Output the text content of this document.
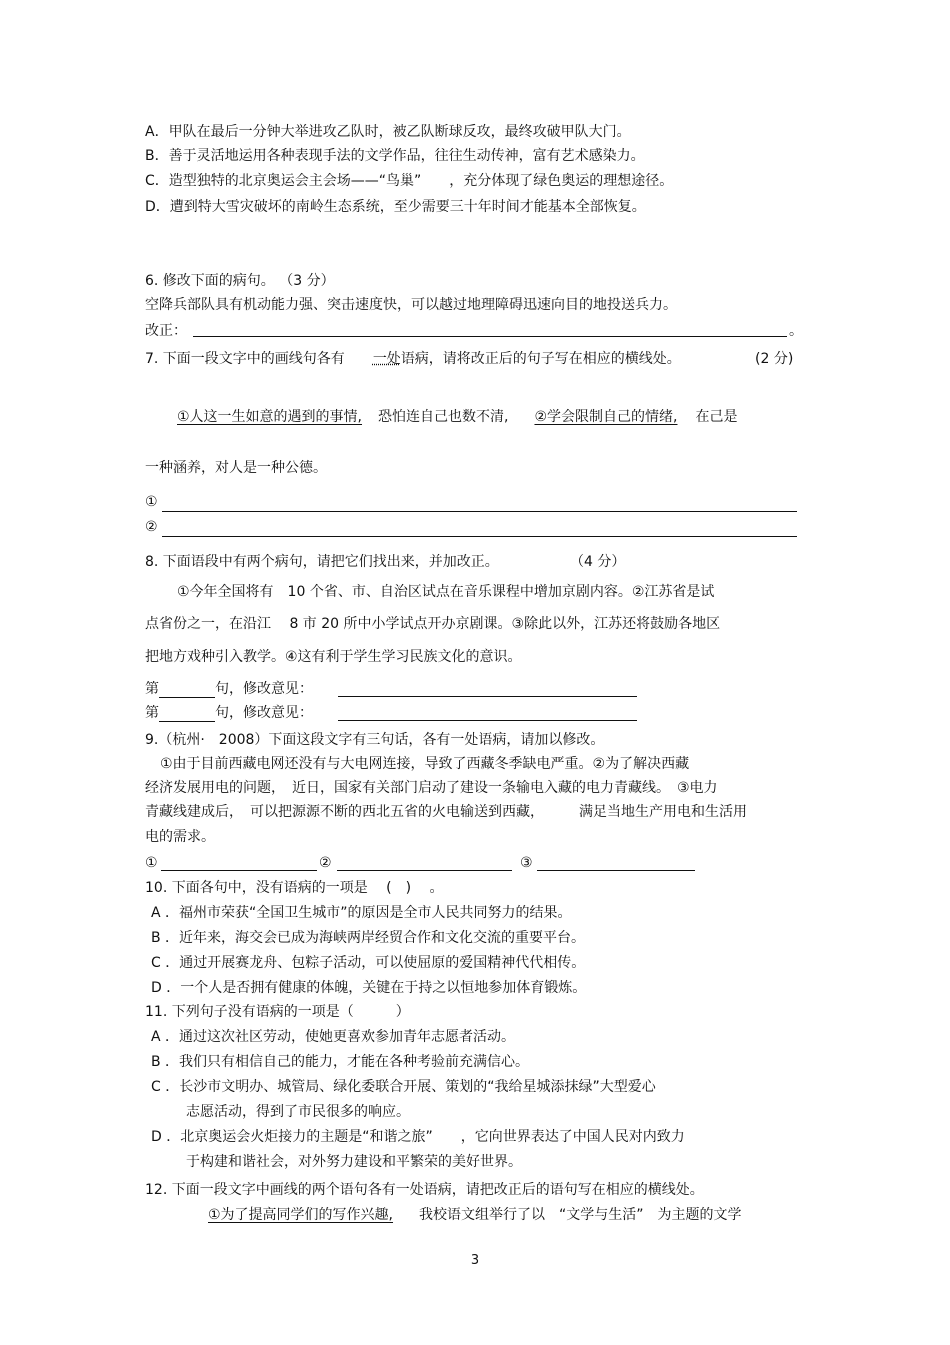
A．甲队在最后一分钟大举进攻乙队时，被乙队断球反攻，最终攻破甲队大门。
B．善于灵活地运用各种表现手法的文学作品，往往生动传神，富有艺术感染力。
C．造型独特的北京奥运会主会场——“鸟巢”　　，充分体现了绿色奥运的理想途径。
D．遭到特大雪灾破坏的南岭生态系统，至少需要三十年时间才能基本全部恢复。
6. 修改下面的病句。 （3 分）
空降兵部队具有机动能力强、突击速度快，可以越过地理障碍迅速向目的地投送兵力。
改正：	。
7. 下面一段文字中的画线句各有 一处语病，请将改正后的句子写在相应的横线处。	(2 分)
①人这一生如意的遇到的事情, 恐怕连自己也数不清, ②学会限制自己的情绪, 在己是
一种涵养，对人是一种公德。
①
②
8. 下面语段中有两个病句，请把它们找出来，并加改正。	（4 分）
①今年全国将有　10 个省、市、自治区试点在音乐课程中增加京剧内容。②江苏省是试
点省份之一，在沿江　 8 市 20 所中小学试点开办京剧课。③除此以外，江苏还将鼓励各地区
把地方戏种引入教学。④这有利于学生学习民族文化的意识。
第	句，修改意见：
第	句，修改意见：
9.（杭州·　2008）下面这段文字有三句话，各有一处语病，请加以修改。
①由于目前西藏电网还没有与大电网连接，导致了西藏冬季缺电严重。②为了解决西藏
经济发展用电的问题，　近日，国家有关部门启动了建设一条输电入藏的电力青藏线。　③电力
青藏线建成后，　可以把源源不断的西北五省的火电输送到西藏，　　　满足当地生产用电和生活用
电的需求。
①	②	③
10. 下面各句中，没有语病的一项是 　(　)　 。
A ．福州市荣获“全国卫生城市”的原因是全市人民共同努力的结果。
B ．近年来，海交会已成为海峡两岸经贸合作和文化交流的重要平台。
C ．通过开展赛龙舟、包粽子活动，可以使屈原的爱国精神代代相传。
D ．一个人是否拥有健康的体魄，关键在于持之以恒地参加体育锻炼。
11. 下列句子没有语病的一项是（　　　）
A ．通过这次社区劳动，使她更喜欢参加青年志愿者活动。
B ．我们只有相信自己的能力，才能在各种考验前充满信心。
C ．长沙市文明办、城管局、绿化委联合开展、策划的“我给星城添抹绿”大型爱心
志愿活动，得到了市民很多的响应。
D ．北京奥运会火炬接力的主题是“和谐之旅”　　，它向世界表达了中国人民对内致力
于构建和谐社会，对外努力建设和平繁荣的美好世界。
12. 下面一段文字中画线的两个语句各有一处语病，请把改正后的语句写在相应的横线处。
①为了提高同学们的写作兴趣, 我校语文组举行了以　“文学与生活”　为主题的文学
3
